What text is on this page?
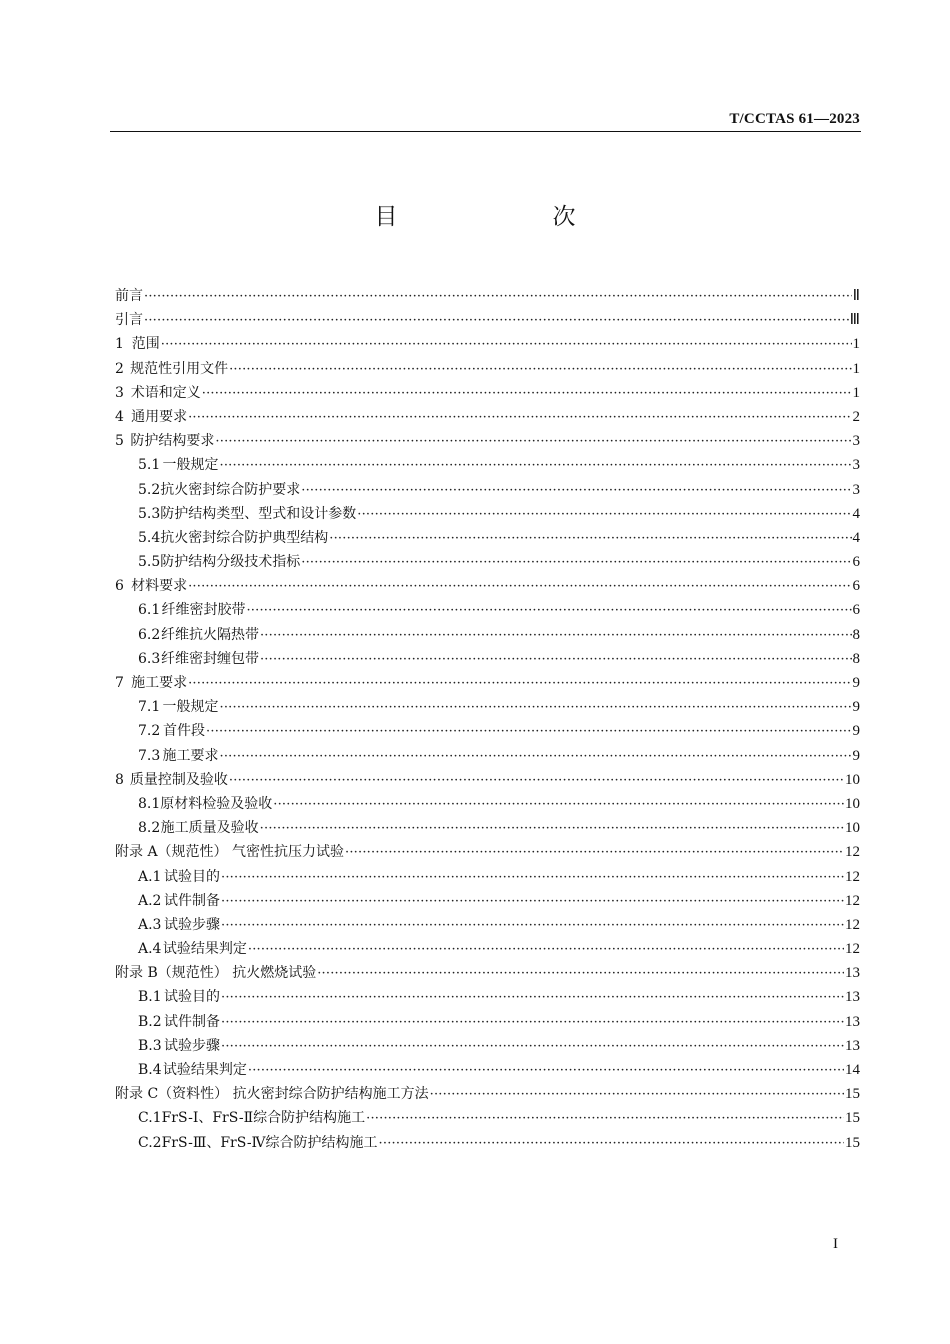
T/CCTAS 61—2023
目　次
前言 ·····	Ⅱ
引言 ·····	Ⅲ
1 范围 ·····	1
2 规范性引用文件 ·····	1
3 术语和定义 ·····	1
4 通用要求 ·····	2
5 防护结构要求 ·····	3
5.1 一般规定 ·····	3
5.2 抗火密封综合防护要求 ·····	3
5.3 防护结构类型、型式和设计参数 ·····	4
5.4 抗火密封综合防护典型结构 ·····	4
5.5 防护结构分级技术指标 ·····	6
6 材料要求 ·····	6
6.1 纤维密封胶带 ·····	6
6.2 纤维抗火隔热带 ·····	8
6.3 纤维密封缠包带 ·····	8
7 施工要求 ·····	9
7.1 一般规定 ·····	9
7.2 首件段 ·····	9
7.3 施工要求 ·····	9
8 质量控制及验收 ·····	10
8.1 原材料检验及验收 ·····	10
8.2 施工质量及验收 ·····	10
附录 A（规范性） 气密性抗压力试验 ·····	12
A.1 试验目的 ·····	12
A.2 试件制备 ·····	12
A.3 试验步骤 ·····	12
A.4 试验结果判定 ·····	12
附录 B（规范性） 抗火燃烧试验 ·····	13
B.1 试验目的 ·····	13
B.2 试件制备 ·····	13
B.3 试验步骤 ·····	13
B.4 试验结果判定 ·····	14
附录 C（资料性） 抗火密封综合防护结构施工方法 ·····	15
C.1 FrS-Ⅰ、FrS-Ⅱ综合防护结构施工 ·····	15
C.2 FrS-Ⅲ、FrS-Ⅳ综合防护结构施工 ·····	15
I
